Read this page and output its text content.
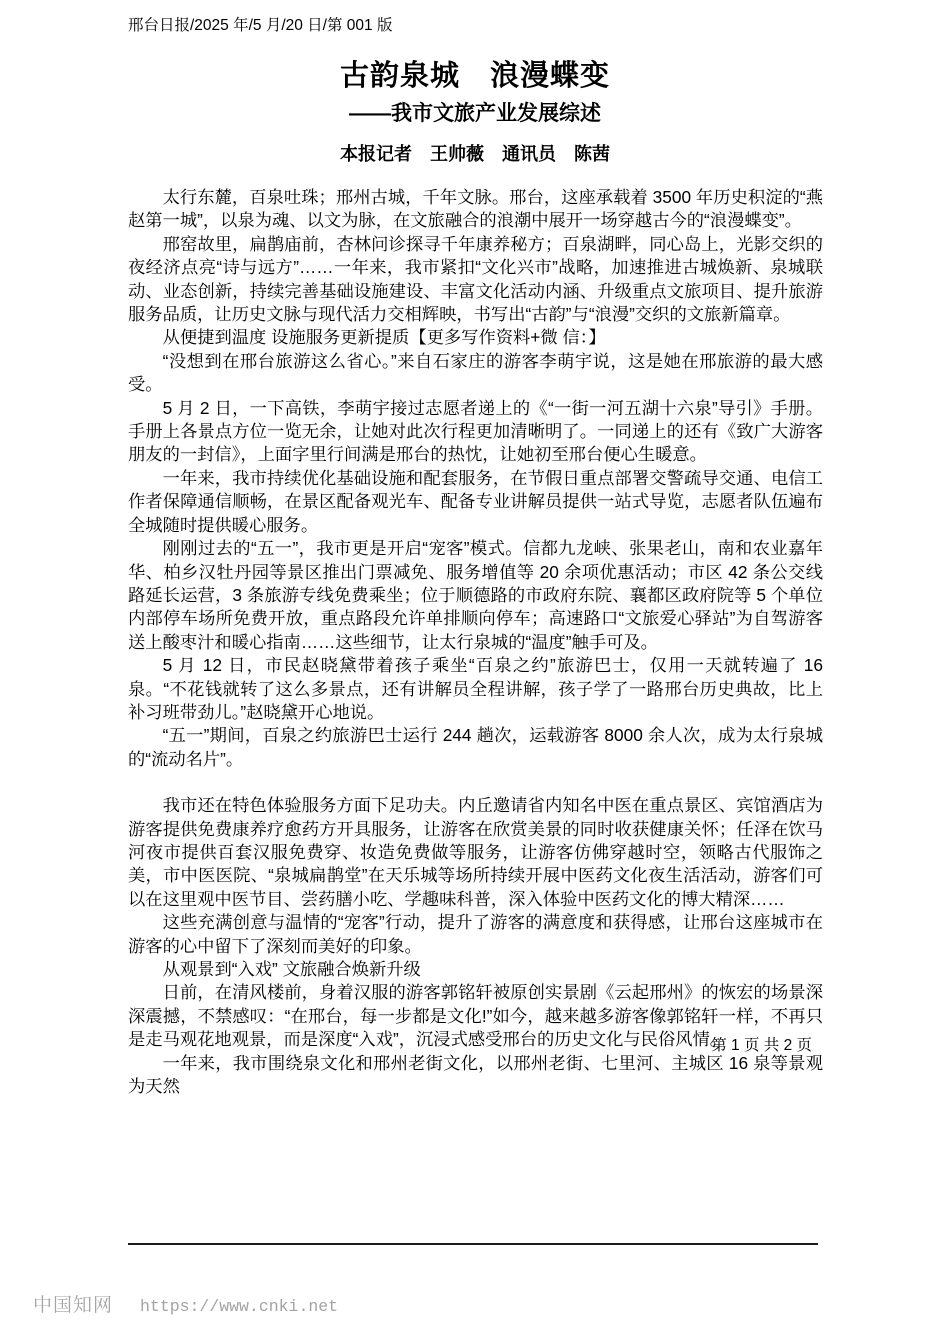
邢台日报/2025 年/5 月/20 日/第 001 版
古韵泉城　浪漫蝶变
——我市文旅产业发展综述
本报记者　王帅薇　通讯员　陈茜

太行东麓，百泉吐珠；邢州古城，千年文脉。邢台，这座承载着 3500 年历史积淀的“燕赵第一城”，以泉为魂、以文为脉，在文旅融合的浪潮中展开一场穿越古今的“浪漫蝶变”。

邢窑故里，扁鹊庙前，杏林问诊探寻千年康养秘方；百泉湖畔，同心岛上，光影交织的夜经济点亮“诗与远方”……一年来，我市紧扣“文化兴市”战略，加速推进古城焕新、泉城联动、业态创新，持续完善基础设施建设、丰富文化活动内涵、升级重点文旅项目、提升旅游服务品质，让历史文脉与现代活力交相辉映，书写出“古韵”与“浪漫”交织的文旅新篇章。

从便捷到温度 设施服务更新提质【更多写作资料+微 信：】

“没想到在邢台旅游这么省心。”来自石家庄的游客李萌宇说，这是她在邢旅游的最大感受。

5 月 2 日，一下高铁，李萌宇接过志愿者递上的《“一街一河五湖十六泉”导引》手册。手册上各景点方位一览无余，让她对此次行程更加清晰明了。一同递上的还有《致广大游客朋友的一封信》，上面字里行间满是邢台的热忱，让她初至邢台便心生暖意。

一年来，我市持续优化基础设施和配套服务，在节假日重点部署交警疏导交通、电信工作者保障通信顺畅，在景区配备观光车、配备专业讲解员提供一站式导览，志愿者队伍遍布全城随时提供暖心服务。

刚刚过去的“五一”，我市更是开启“宠客”模式。信都九龙峡、张果老山，南和农业嘉年华、柏乡汉牡丹园等景区推出门票减免、服务增值等 20 余项优惠活动；市区 42 条公交线路延长运营，3 条旅游专线免费乘坐；位于顺德路的市政府东院、襄都区政府院等 5 个单位内部停车场所免费开放，重点路段允许单排顺向停车；高速路口“文旅爱心驿站”为自驾游客送上酸枣汁和暖心指南……这些细节，让太行泉城的“温度”触手可及。

5 月 12 日，市民赵晓黛带着孩子乘坐“百泉之约”旅游巴士，仅用一天就转遍了 16 泉。“不花钱就转了这么多景点，还有讲解员全程讲解，孩子学了一路邢台历史典故，比上补习班带劲儿。”赵晓黛开心地说。

“五一”期间，百泉之约旅游巴士运行 244 趟次，运载游客 8000 余人次，成为太行泉城的“流动名片”。

我市还在特色体验服务方面下足功夫。内丘邀请省内知名中医在重点景区、宾馆酒店为游客提供免费康养疗愈药方开具服务，让游客在欣赏美景的同时收获健康关怀；任泽在饮马河夜市提供百套汉服免费穿、妆造免费做等服务，让游客仿佛穿越时空，领略古代服饰之美，市中医医院、“泉城扁鹊堂”在天乐城等场所持续开展中医药文化夜生活活动，游客们可以在这里观中医节目、尝药膳小吃、学趣味科普，深入体验中医药文化的博大精深……

这些充满创意与温情的“宠客”行动，提升了游客的满意度和获得感，让邢台这座城市在游客的心中留下了深刻而美好的印象。

从观景到“入戏” 文旅融合焕新升级

日前，在清风楼前，身着汉服的游客郭铭轩被原创实景剧《云起邢州》的恢宏的场景深深震撼，不禁感叹：“在邢台，每一步都是文化!”如今，越来越多游客像郭铭轩一样，不再只是走马观花地观景，而是深度“入戏”，沉浸式感受邢台的历史文化与民俗风情。

一年来，我市围绕泉文化和邢州老街文化，以邢州老街、七里河、主城区 16 泉等景观为天然

第 1 页 共 2 页
中国知网 https://www.cnki.net
